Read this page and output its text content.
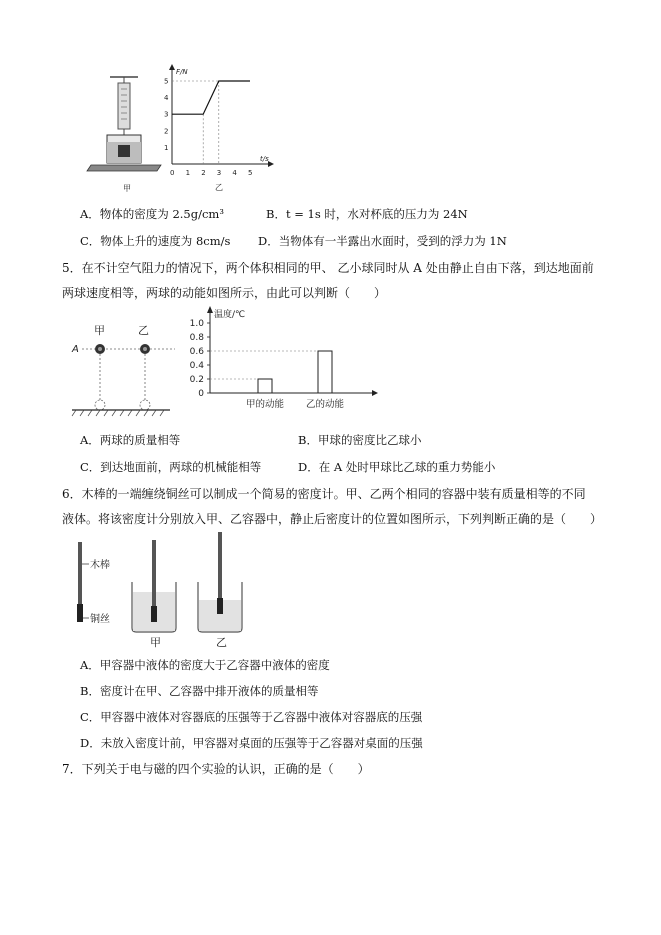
甲
F/N
t/s
5
4
3
2
1
0 1 2 3 4 5
乙
A．物体的密度为 2.5g/cm³	B．t = 1s 时，水对杯底的压力为 24N
C．物体上升的速度为 8cm/s D．当物体有一半露出水面时，受到的浮力为 1N
5．在不计空气阻力的情况下，两个体积相同的甲、 乙小球同时从 A 处由静止自由下落，到达地面前
两球速度相等，两球的动能如图所示，由此可以判断（　　）
甲	乙
A
温度/℃
1.0
0.8
0.6
0.4
0.2
0
甲的动能 乙的动能
A．两球的质量相等	B．甲球的密度比乙球小
C．到达地面前，两球的机械能相等	D．在 A 处时甲球比乙球的重力势能小
6．木棒的一端缠绕铜丝可以制成一个简易的密度计。甲、乙两个相同的容器中装有质量相等的不同
液体。将该密度计分别放入甲、乙容器中，静止后密度计的位置如图所示，下列判断正确的是（　　）
木棒
铜丝
甲	乙
A．甲容器中液体的密度大于乙容器中液体的密度
B．密度计在甲、乙容器中排开液体的质量相等
C．甲容器中液体对容器底的压强等于乙容器中液体对容器底的压强
D．未放入密度计前，甲容器对桌面的压强等于乙容器对桌面的压强
7．下列关于电与磁的四个实验的认识，正确的是（　　）
